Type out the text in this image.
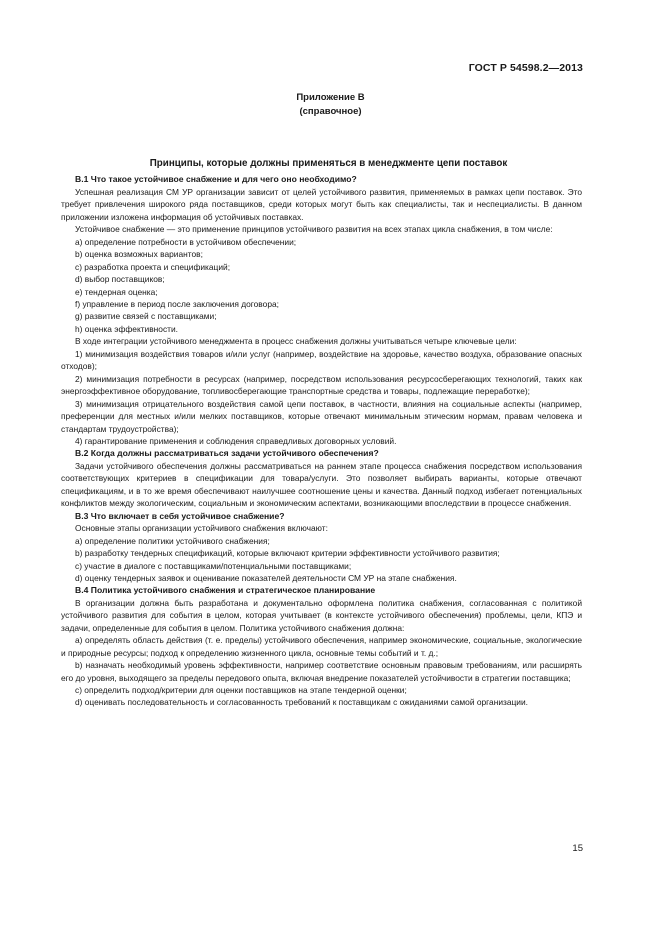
ГОСТ Р 54598.2—2013
Приложение В
(справочное)

Принципы, которые должны применяться в менеджменте цепи поставок

В.1 Что такое устойчивое снабжение и для чего оно необходимо?

Успешная реализация СМ УР организации зависит от целей устойчивого развития, применяемых в рамках цепи поставок. Это требует привлечения широкого ряда поставщиков, среди которых могут быть как специалисты, так и неспециалисты. В данном приложении изложена информация об устойчивых поставках.

Устойчивое снабжение — это применение принципов устойчивого развития на всех этапах цикла снабжения, в том числе:

a) определение потребности в устойчивом обеспечении;

b) оценка возможных вариантов;

c) разработка проекта и спецификаций;

d) выбор поставщиков;

e) тендерная оценка;

f) управление в период после заключения договора;

g) развитие связей с поставщиками;

h) оценка эффективности.

В ходе интеграции устойчивого менеджмента в процесс снабжения должны учитываться четыре ключевые цели:

1) минимизация воздействия товаров и/или услуг (например, воздействие на здоровье, качество воздуха, образование опасных отходов);

2) минимизация потребности в ресурсах (например, посредством использования ресурсосберегающих технологий, таких как энергоэффективное оборудование, топливосберегающие транспортные средства и товары, подлежащие переработке);

3) минимизация отрицательного воздействия самой цепи поставок, в частности, влияния на социальные аспекты (например, преференции для местных и/или мелких поставщиков, которые отвечают минимальным этическим нормам, правам человека и стандартам трудоустройства);

4) гарантирование применения и соблюдения справедливых договорных условий.

В.2 Когда должны рассматриваться задачи устойчивого обеспечения?

Задачи устойчивого обеспечения должны рассматриваться на раннем этапе процесса снабжения посредством использования соответствующих критериев в спецификации для товара/услуги. Это позволяет выбирать варианты, которые отвечают спецификациям, и в то же время обеспечивают наилучшее соотношение цены и качества. Данный подход избегает потенциальных конфликтов между экологическим, социальным и экономическим аспектами, возникающими впоследствии в процессе снабжения.

В.3 Что включает в себя устойчивое снабжение?

Основные этапы организации устойчивого снабжения включают:

a) определение политики устойчивого снабжения;

b) разработку тендерных спецификаций, которые включают критерии эффективности устойчивого развития;

c) участие в диалоге с поставщиками/потенциальными поставщиками;

d) оценку тендерных заявок и оценивание показателей деятельности СМ УР на этапе снабжения.

В.4 Политика устойчивого снабжения и стратегическое планирование

В организации должна быть разработана и документально оформлена политика снабжения, согласованная с политикой устойчивого развития для события в целом, которая учитывает (в контексте устойчивого обеспечения) проблемы, цели, КПЭ и задачи, определенные для события в целом. Политика устойчивого снабжения должна:

a) определять область действия (т. е. пределы) устойчивого обеспечения, например экономические, социальные, экологические и природные ресурсы; подход к определению жизненного цикла, основные темы событий и т. д.;

b) назначать необходимый уровень эффективности, например соответствие основным правовым требованиям, или расширять его до уровня, выходящего за пределы передового опыта, включая внедрение показателей устойчивости в стратегии поставщика;

c) определить подход/критерии для оценки поставщиков на этапе тендерной оценки;

d) оценивать последовательность и согласованность требований к поставщикам с ожиданиями самой организации.

15
